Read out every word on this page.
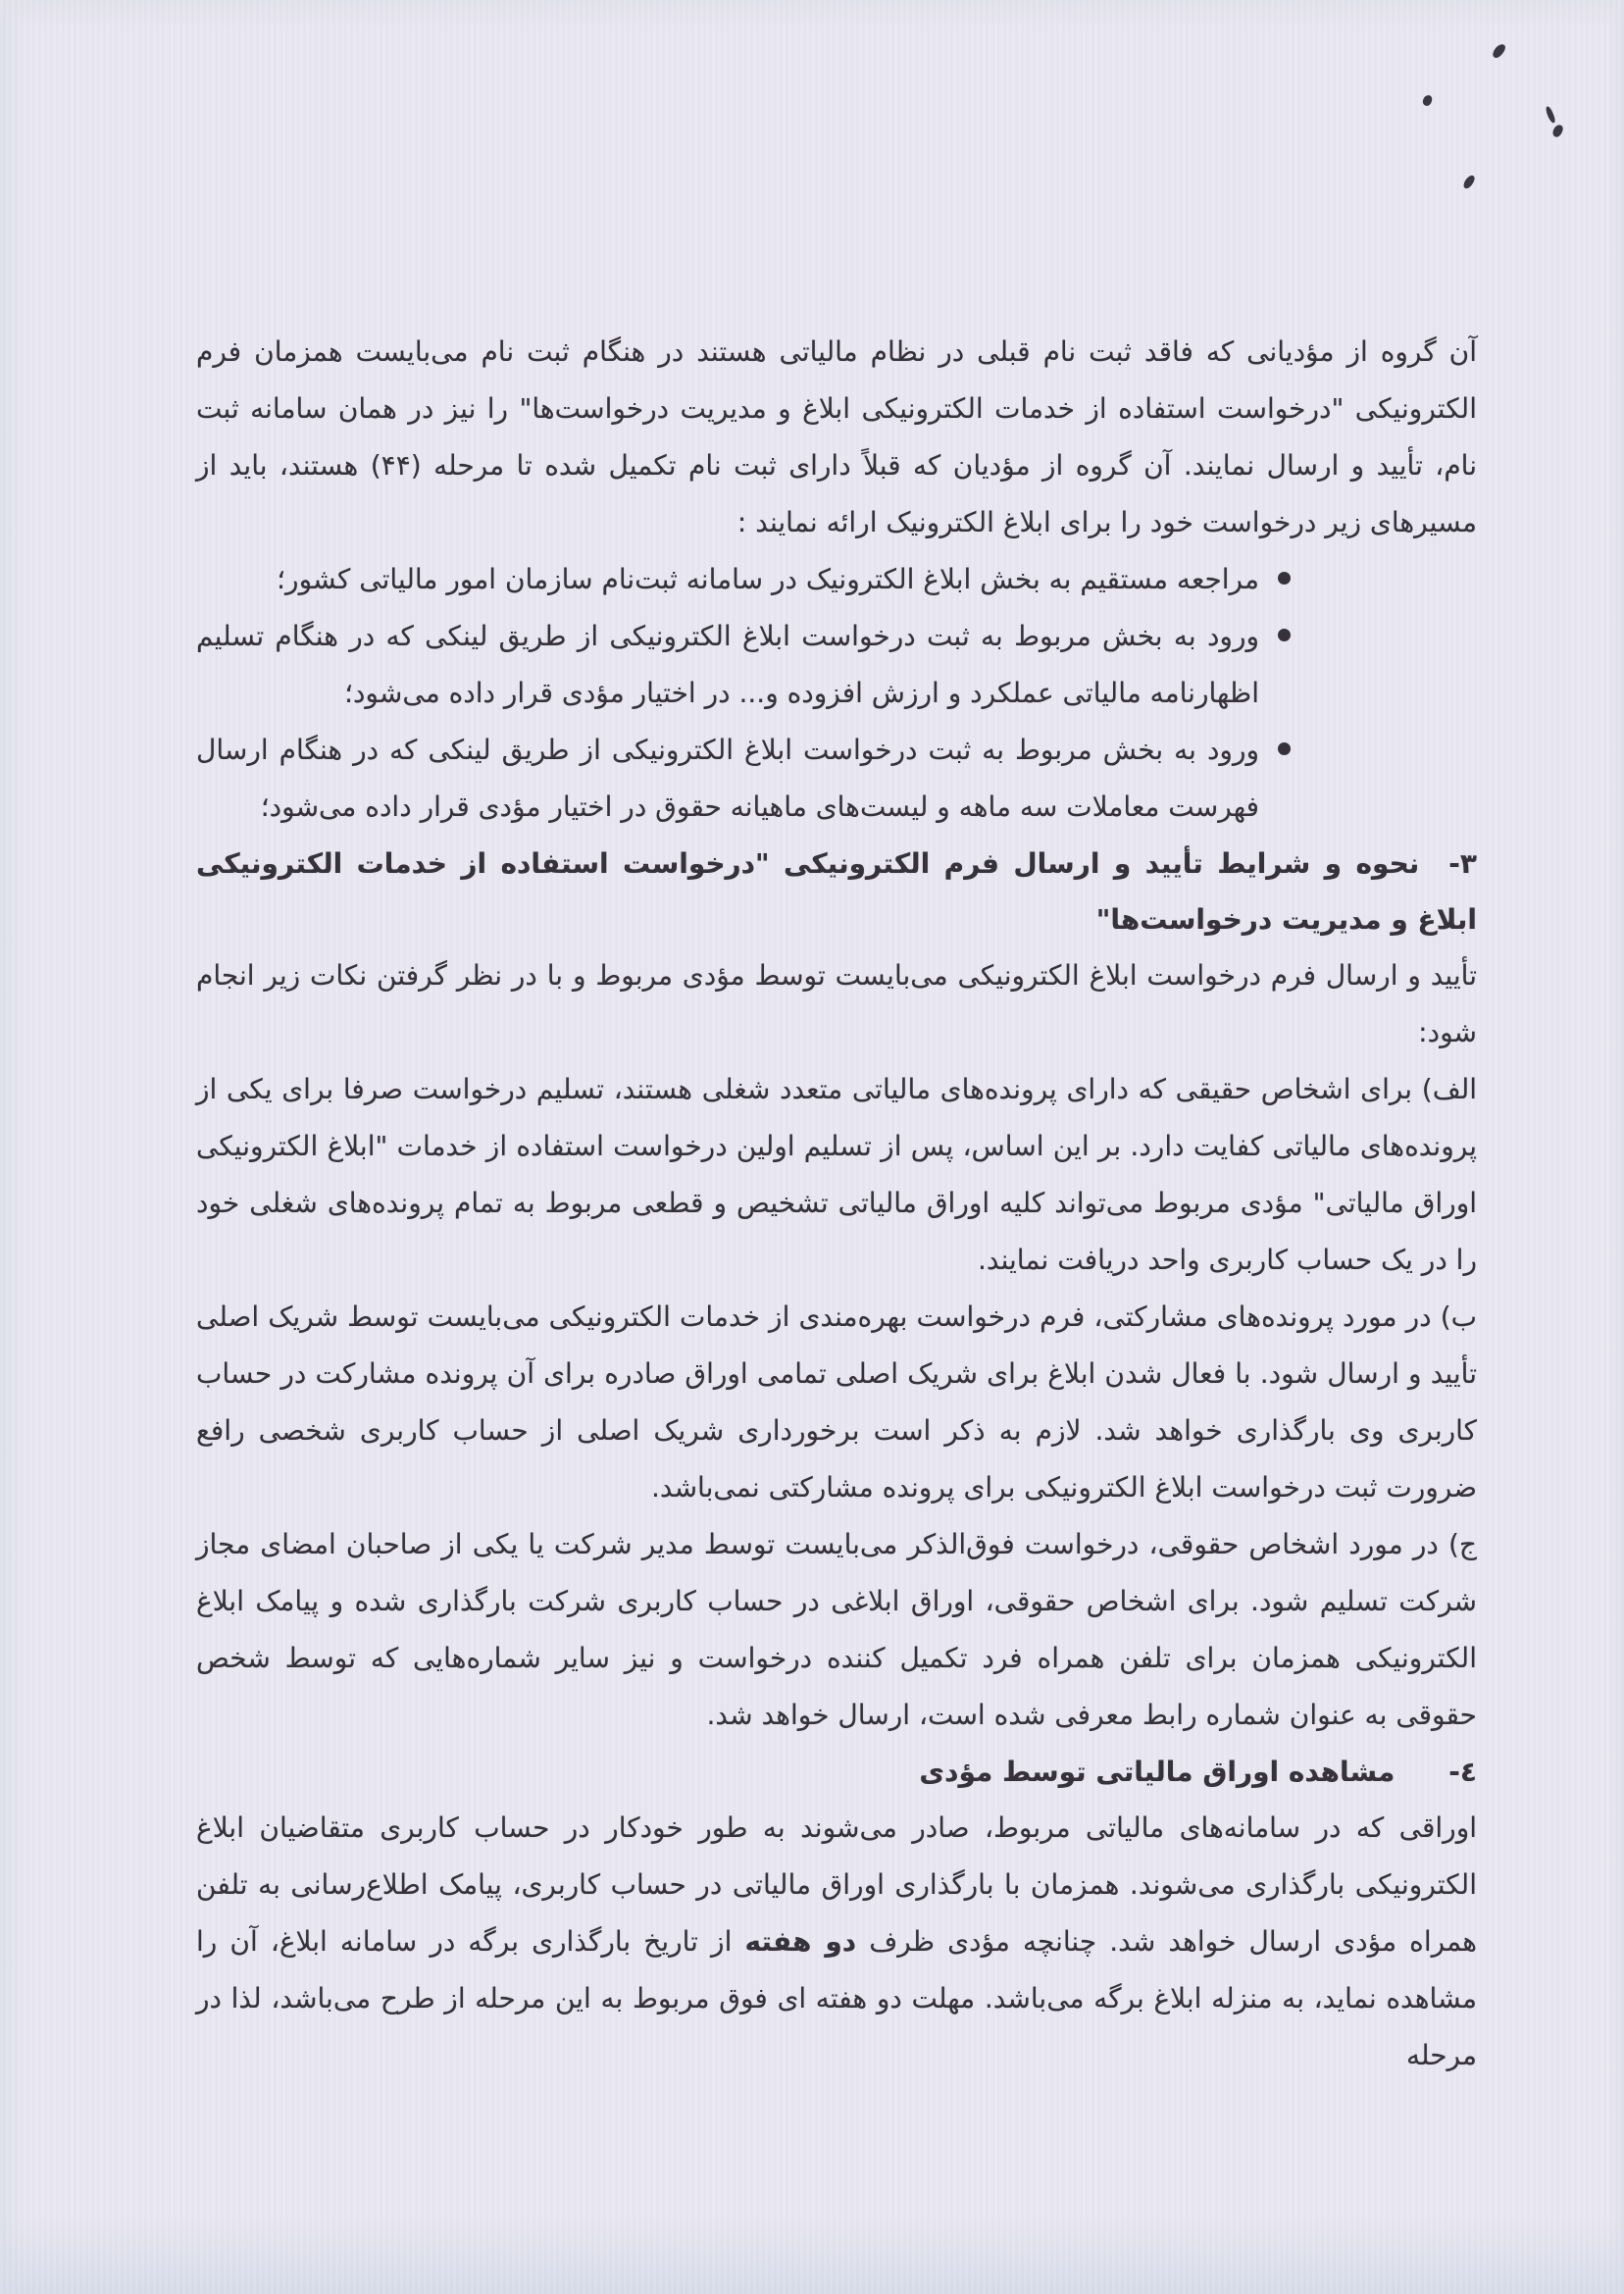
آن گروه از مؤدیانی که فاقد ثبت نام قبلی در نظام مالیاتی هستند در هنگام ثبت نام می‌بایست همزمان فرم الکترونیکی "درخواست استفاده از خدمات الکترونیکی ابلاغ و مدیریت درخواست‌ها" را نیز در همان سامانه ثبت نام، تأیید و ارسال نمایند. آن گروه از مؤدیان که قبلاً دارای ثبت نام تکمیل شده تا مرحله (۴۴) هستند، باید از مسیرهای زیر درخواست خود را برای ابلاغ الکترونیک ارائه نمایند :

مراجعه مستقیم به بخش ابلاغ الکترونیک در سامانه ثبت‌نام سازمان امور مالیاتی کشور؛
ورود به بخش مربوط به ثبت درخواست ابلاغ الکترونیکی از طریق لینکی که در هنگام تسلیم اظهارنامه مالیاتی عملکرد و ارزش افزوده و... در اختیار مؤدی قرار داده می‌شود؛
ورود به بخش مربوط به ثبت درخواست ابلاغ الکترونیکی از طریق لینکی که در هنگام ارسال فهرست معاملات سه ماهه و لیست‌های ماهیانه حقوق در اختیار مؤدی قرار داده می‌شود؛

۳-نحوه و شرایط تأیید و ارسال فرم الکترونیکی "درخواست استفاده از خدمات الکترونیکی ابلاغ و مدیریت درخواست‌ها"

تأیید و ارسال فرم درخواست ابلاغ الکترونیکی می‌بایست توسط مؤدی مربوط و با در نظر گرفتن نکات زیر انجام شود:

الف) برای اشخاص حقیقی که دارای پرونده‌های مالیاتی متعدد شغلی هستند، تسلیم درخواست صرفا برای یکی از پرونده‌های مالیاتی کفایت دارد. بر این اساس، پس از تسلیم اولین درخواست استفاده از خدمات "ابلاغ الکترونیکی اوراق مالیاتی" مؤدی مربوط می‌تواند کلیه اوراق مالیاتی تشخیص و قطعی مربوط به تمام پرونده‌های شغلی خود را در یک حساب کاربری واحد دریافت نمایند.

ب) در مورد پرونده‌های مشارکتی، فرم درخواست بهره‌مندی از خدمات الکترونیکی می‌بایست توسط شریک اصلی تأیید و ارسال شود. با فعال شدن ابلاغ برای شریک اصلی تمامی اوراق صادره برای آن پرونده مشارکت در حساب کاربری وی بارگذاری خواهد شد. لازم به ذکر است برخورداری شریک اصلی از حساب کاربری شخصی رافع ضرورت ثبت درخواست ابلاغ الکترونیکی برای پرونده مشارکتی نمی‌باشد.

ج) در مورد اشخاص حقوقی، درخواست فوق‌الذکر می‌بایست توسط مدیر شرکت یا یکی از صاحبان امضای مجاز شرکت تسلیم شود. برای اشخاص حقوقی، اوراق ابلاغی در حساب کاربری شرکت بارگذاری شده و پیامک ابلاغ الکترونیکی همزمان برای تلفن همراه فرد تکمیل کننده درخواست و نیز سایر شماره‌هایی که توسط شخص حقوقی به عنوان شماره رابط معرفی شده است، ارسال خواهد شد.

٤-مشاهده اوراق مالیاتی توسط مؤدی

اوراقی که در سامانه‌های مالیاتی مربوط، صادر می‌شوند به طور خودکار در حساب کاربری متقاضیان ابلاغ الکترونیکی بارگذاری می‌شوند. همزمان با بارگذاری اوراق مالیاتی در حساب کاربری، پیامک اطلاع‌رسانی به تلفن همراه مؤدی ارسال خواهد شد. چنانچه مؤدی ظرف دو هفته از تاریخ بارگذاری برگه در سامانه ابلاغ، آن را مشاهده نماید، به منزله ابلاغ برگه می‌باشد. مهلت دو هفته ای فوق مربوط به این مرحله از طرح می‌باشد، لذا در مرحله
